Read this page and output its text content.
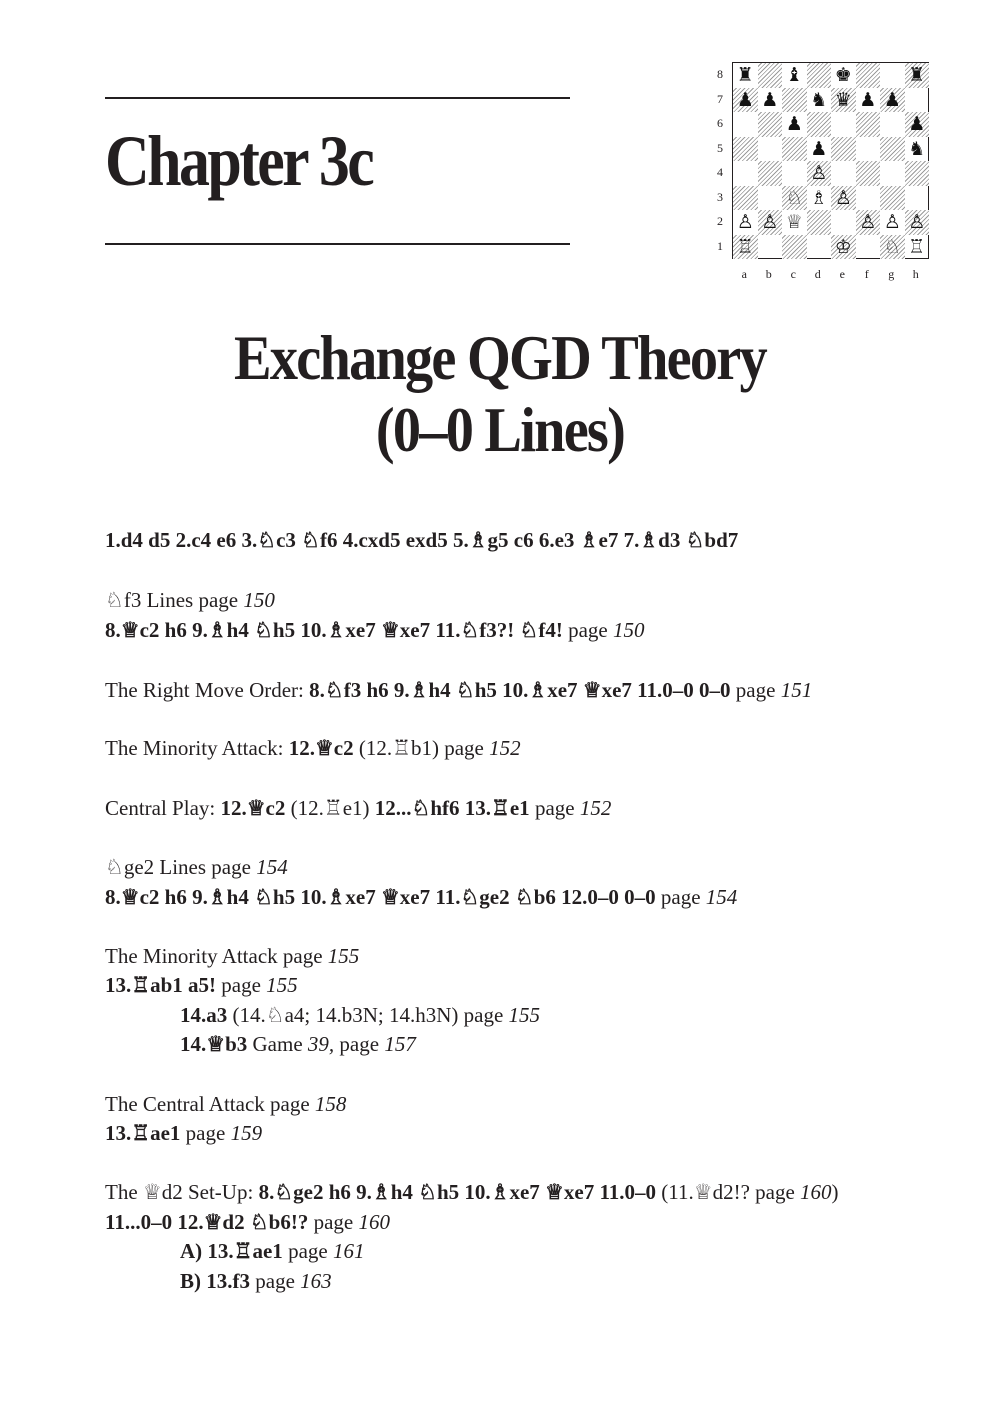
Chapter 3c
♜ ♝ ♚	♜
♟ ♟ ♞ ♛ ♟ ♟
♟	♟
♟	♞
♙
♘ ♗ ♙
♙ ♙ ♕	♙ ♙ ♙
♖	♔ ♘ ♖
8
7
6
5
4
3
2
1
a	b	c	d	e	f	g	h
Exchange QGD Theory
(0–0 Lines)
1.d4 d5 2.c4 e6 3.♘c3 ♘f6 4.cxd5 exd5 5.♗g5 c6 6.e3 ♗e7 7.♗d3 ♘bd7
♘f3 Lines page 150
8.♕c2 h6 9.♗h4 ♘h5 10.♗xe7 ♕xe7 11.♘f3?! ♘f4! page 150
The Right Move Order: 8.♘f3 h6 9.♗h4 ♘h5 10.♗xe7 ♕xe7 11.0–0 0–0 page 151
The Minority Attack: 12.♕c2 (12.♖b1) page 152
Central Play: 12.♕c2 (12.♖e1) 12...♘hf6 13.♖e1 page 152
♘ge2 Lines page 154
8.♕c2 h6 9.♗h4 ♘h5 10.♗xe7 ♕xe7 11.♘ge2 ♘b6 12.0–0 0–0 page 154
The Minority Attack page 155
13.♖ab1 a5! page 155
14.a3 (14.♘a4; 14.b3N; 14.h3N) page 155
14.♕b3 Game 39, page 157
The Central Attack page 158
13.♖ae1 page 159
The ♕d2 Set-Up: 8.♘ge2 h6 9.♗h4 ♘h5 10.♗xe7 ♕xe7 11.0–0 (11.♕d2!? page 160)
11...0–0 12.♕d2 ♘b6!? page 160
A) 13.♖ae1 page 161
B) 13.f3 page 163
